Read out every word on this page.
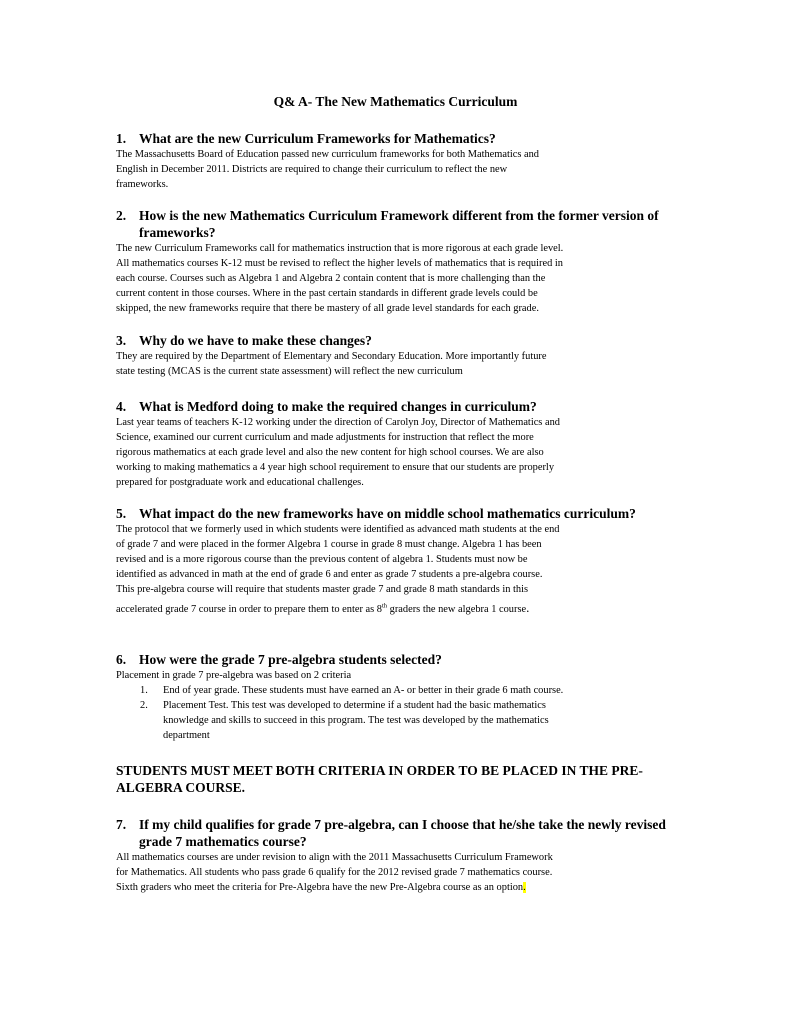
Q& A- The New Mathematics Curriculum

1. What are the new Curriculum Frameworks for Mathematics?

The Massachusetts Board of Education passed new curriculum frameworks for both Mathematics and
English in December 2011. Districts are required to change their curriculum to reflect the new
frameworks.

2. How is the new Mathematics Curriculum Framework different from the former version of frameworks?

The new Curriculum Frameworks call for mathematics instruction that is more rigorous at each grade level.
All mathematics courses K-12 must be revised to reflect the higher levels of mathematics that is required in
each course. Courses such as Algebra 1 and Algebra 2 contain content that is more challenging than the
current content in those courses. Where in the past certain standards in different grade levels could be
skipped, the new frameworks require that there be mastery of all grade level standards for each grade.

3. Why do we have to make these changes?

They are required by the Department of Elementary and Secondary Education. More importantly future
state testing (MCAS is the current state assessment) will reflect the new curriculum

4. What is Medford doing to make the required changes in curriculum?

Last year teams of teachers K-12 working under the direction of Carolyn Joy, Director of Mathematics and
Science, examined our current curriculum and made adjustments for instruction that reflect the more
rigorous mathematics at each grade level and also the new content for high school courses. We are also
working to making mathematics a 4 year high school requirement to ensure that our students are properly
prepared for postgraduate work and educational challenges.

5. What impact do the new frameworks have on middle school mathematics curriculum?

The protocol that we formerly used in which students were identified as advanced math students at the end
of grade 7 and were placed in the former Algebra 1 course in grade 8 must change. Algebra 1 has been
revised and is a more rigorous course than the previous content of algebra 1. Students must now be
identified as advanced in math at the end of grade 6 and enter as grade 7 students a pre-algebra course.
This pre-algebra course will require that students master grade 7 and grade 8 math standards in this
accelerated grade 7 course in order to prepare them to enter as 8th graders the new algebra 1 course.

6. How were the grade 7 pre-algebra students selected?

Placement in grade 7 pre-algebra was based on 2 criteria

1. End of year grade. These students must have earned an A- or better in their grade 6 math course.
2. Placement Test. This test was developed to determine if a student had the basic mathematics
knowledge and skills to succeed in this program. The test was developed by the mathematics
department
STUDENTS MUST MEET BOTH CRITERIA IN ORDER TO BE PLACED IN THE PRE-ALGEBRA COURSE.

7. If my child qualifies for grade 7 pre-algebra, can I choose that he/she take the newly revised grade 7 mathematics course?

All mathematics courses are under revision to align with the 2011 Massachusetts Curriculum Framework
for Mathematics. All students who pass grade 6 qualify for the 2012 revised grade 7 mathematics course.
Sixth graders who meet the criteria for Pre-Algebra have the new Pre-Algebra course as an option.
